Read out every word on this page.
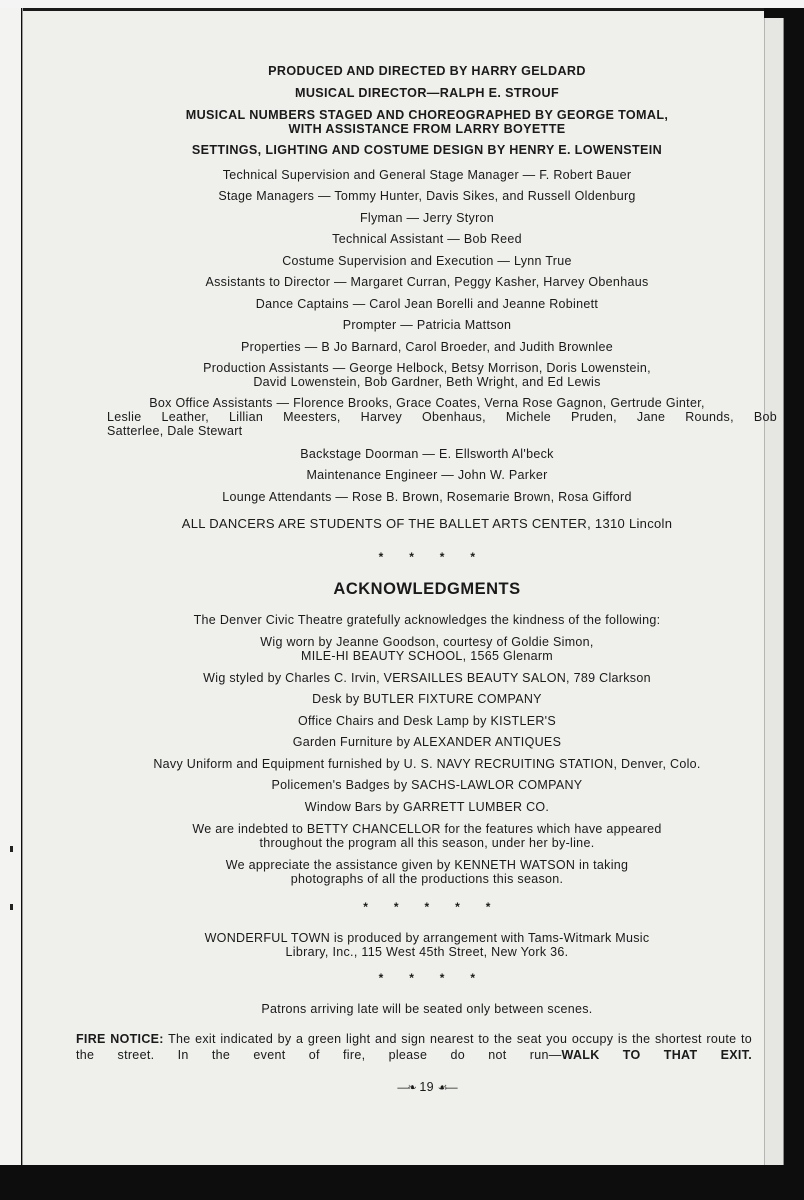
PRODUCED AND DIRECTED BY HARRY GELDARD
MUSICAL DIRECTOR—RALPH E. STROUF
MUSICAL NUMBERS STAGED AND CHOREOGRAPHED BY GEORGE TOMAL,
WITH ASSISTANCE FROM LARRY BOYETTE
SETTINGS, LIGHTING AND COSTUME DESIGN BY HENRY E. LOWENSTEIN
Technical Supervision and General Stage Manager — F. Robert Bauer
Stage Managers — Tommy Hunter, Davis Sikes, and Russell Oldenburg
Flyman — Jerry Styron
Technical Assistant — Bob Reed
Costume Supervision and Execution — Lynn True
Assistants to Director — Margaret Curran, Peggy Kasher, Harvey Obenhaus
Dance Captains — Carol Jean Borelli and Jeanne Robinett
Prompter — Patricia Mattson
Properties — B Jo Barnard, Carol Broeder, and Judith Brownlee
Production Assistants — George Helbock, Betsy Morrison, Doris Lowenstein,
David Lowenstein, Bob Gardner, Beth Wright, and Ed Lewis
Box Office Assistants — Florence Brooks, Grace Coates, Verna Rose Gagnon, Gertrude Ginter,
Leslie Leather, Lillian Meesters, Harvey Obenhaus, Michele Pruden, Jane Rounds, Bob
Satterlee, Dale Stewart
Backstage Doorman — E. Ellsworth Al'beck
Maintenance Engineer — John W. Parker
Lounge Attendants — Rose B. Brown, Rosemarie Brown, Rosa Gifford
ALL DANCERS ARE STUDENTS OF THE BALLET ARTS CENTER, 1310 Lincoln
* * * *
ACKNOWLEDGMENTS
The Denver Civic Theatre gratefully acknowledges the kindness of the following:
Wig worn by Jeanne Goodson, courtesy of Goldie Simon,
MILE-HI BEAUTY SCHOOL, 1565 Glenarm
Wig styled by Charles C. Irvin, VERSAILLES BEAUTY SALON, 789 Clarkson
Desk by BUTLER FIXTURE COMPANY
Office Chairs and Desk Lamp by KISTLER'S
Garden Furniture by ALEXANDER ANTIQUES
Navy Uniform and Equipment furnished by U. S. NAVY RECRUITING STATION, Denver, Colo.
Policemen's Badges by SACHS-LAWLOR COMPANY
Window Bars by GARRETT LUMBER CO.
We are indebted to BETTY CHANCELLOR for the features which have appeared
throughout the program all this season, under her by-line.
We appreciate the assistance given by KENNETH WATSON in taking
photographs of all the productions this season.
* * * * *
WONDERFUL TOWN is produced by arrangement with Tams-Witmark Music
Library, Inc., 115 West 45th Street, New York 36.
* * * *
Patrons arriving late will be seated only between scenes.
FIRE NOTICE: The exit indicated by a green light and sign nearest to the seat you occupy is the shortest route to the street. In the event of fire, please do not run—WALK TO THAT EXIT.
—❧ 19 ☙—
